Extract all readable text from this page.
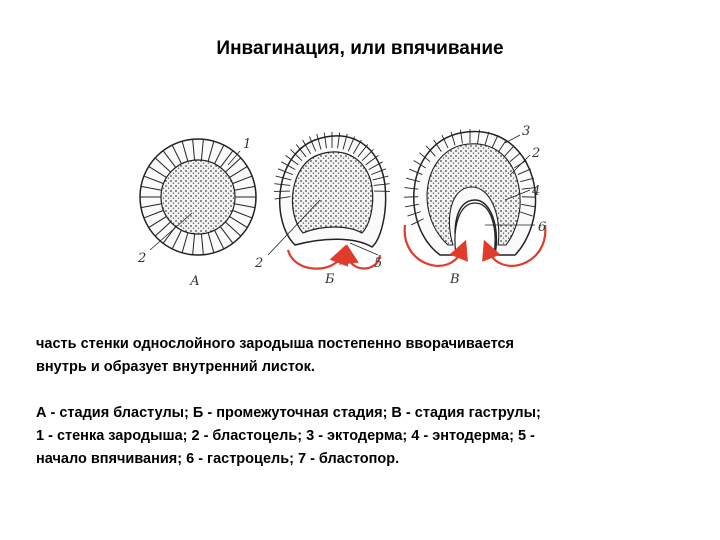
Инвагинация, или впячивание
1
2
А
2	5
Б
3
2
4
6
В

часть стенки однослойного зародыша постепенно вворачивается

внутрь и образует внутренний листок.

А - стадия бластулы; Б - промежуточная стадия; В - стадия гаструлы;

1 - стенка зародыша; 2 - бластоцель; 3 - эктодерма; 4 - энтодерма; 5 -

начало впячивания; 6 - гастроцель; 7 - бластопор.
